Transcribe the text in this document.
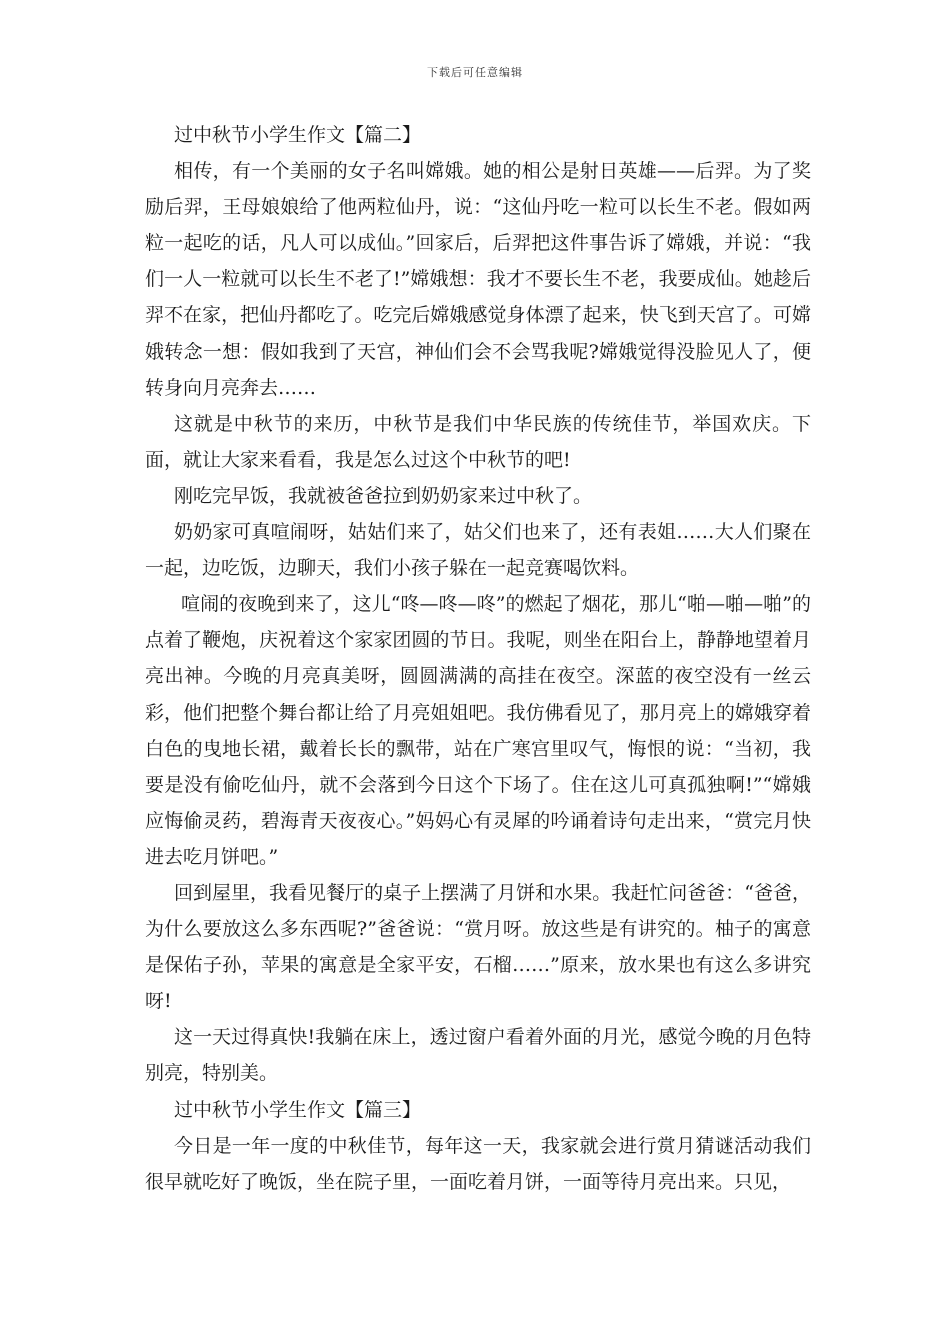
下载后可任意编辑

过中秋节小学生作文【篇二】

相传，有一个美丽的女子名叫嫦娥。她的相公是射日英雄——后羿。为了奖励后羿，王母娘娘给了他两粒仙丹，说：“这仙丹吃一粒可以长生不老。假如两粒一起吃的话，凡人可以成仙。”回家后，后羿把这件事告诉了嫦娥，并说：“我们一人一粒就可以长生不老了!”嫦娥想：我才不要长生不老，我要成仙。她趁后羿不在家，把仙丹都吃了。吃完后嫦娥感觉身体漂了起来，快飞到天宫了。可嫦娥转念一想：假如我到了天宫，神仙们会不会骂我呢?嫦娥觉得没脸见人了，便转身向月亮奔去……

这就是中秋节的来历，中秋节是我们中华民族的传统佳节，举国欢庆。下面，就让大家来看看，我是怎么过这个中秋节的吧!

刚吃完早饭，我就被爸爸拉到奶奶家来过中秋了。

奶奶家可真喧闹呀，姑姑们来了，姑父们也来了，还有表姐……大人们聚在一起，边吃饭，边聊天，我们小孩子躲在一起竞赛喝饮料。

喧闹的夜晚到来了，这儿“咚—咚—咚”的燃起了烟花，那儿“啪—啪—啪”的点着了鞭炮，庆祝着这个家家团圆的节日。我呢，则坐在阳台上，静静地望着月亮出神。今晚的月亮真美呀，圆圆满满的高挂在夜空。深蓝的夜空没有一丝云彩，他们把整个舞台都让给了月亮姐姐吧。我仿佛看见了，那月亮上的嫦娥穿着白色的曳地长裙，戴着长长的飘带，站在广寒宫里叹气，悔恨的说：“当初，我要是没有偷吃仙丹，就不会落到今日这个下场了。住在这儿可真孤独啊!”“嫦娥应悔偷灵药，碧海青天夜夜心。”妈妈心有灵犀的吟诵着诗句走出来，“赏完月快进去吃月饼吧。”

回到屋里，我看见餐厅的桌子上摆满了月饼和水果。我赶忙问爸爸：“爸爸，为什么要放这么多东西呢?”爸爸说：“赏月呀。放这些是有讲究的。柚子的寓意是保佑子孙，苹果的寓意是全家平安，石榴……”原来，放水果也有这么多讲究呀!

这一天过得真快!我躺在床上，透过窗户看着外面的月光，感觉今晚的月色特别亮，特别美。

过中秋节小学生作文【篇三】

今日是一年一度的中秋佳节，每年这一天，我家就会进行赏月猜谜活动我们很早就吃好了晚饭，坐在院子里，一面吃着月饼，一面等待月亮出来。只见，
